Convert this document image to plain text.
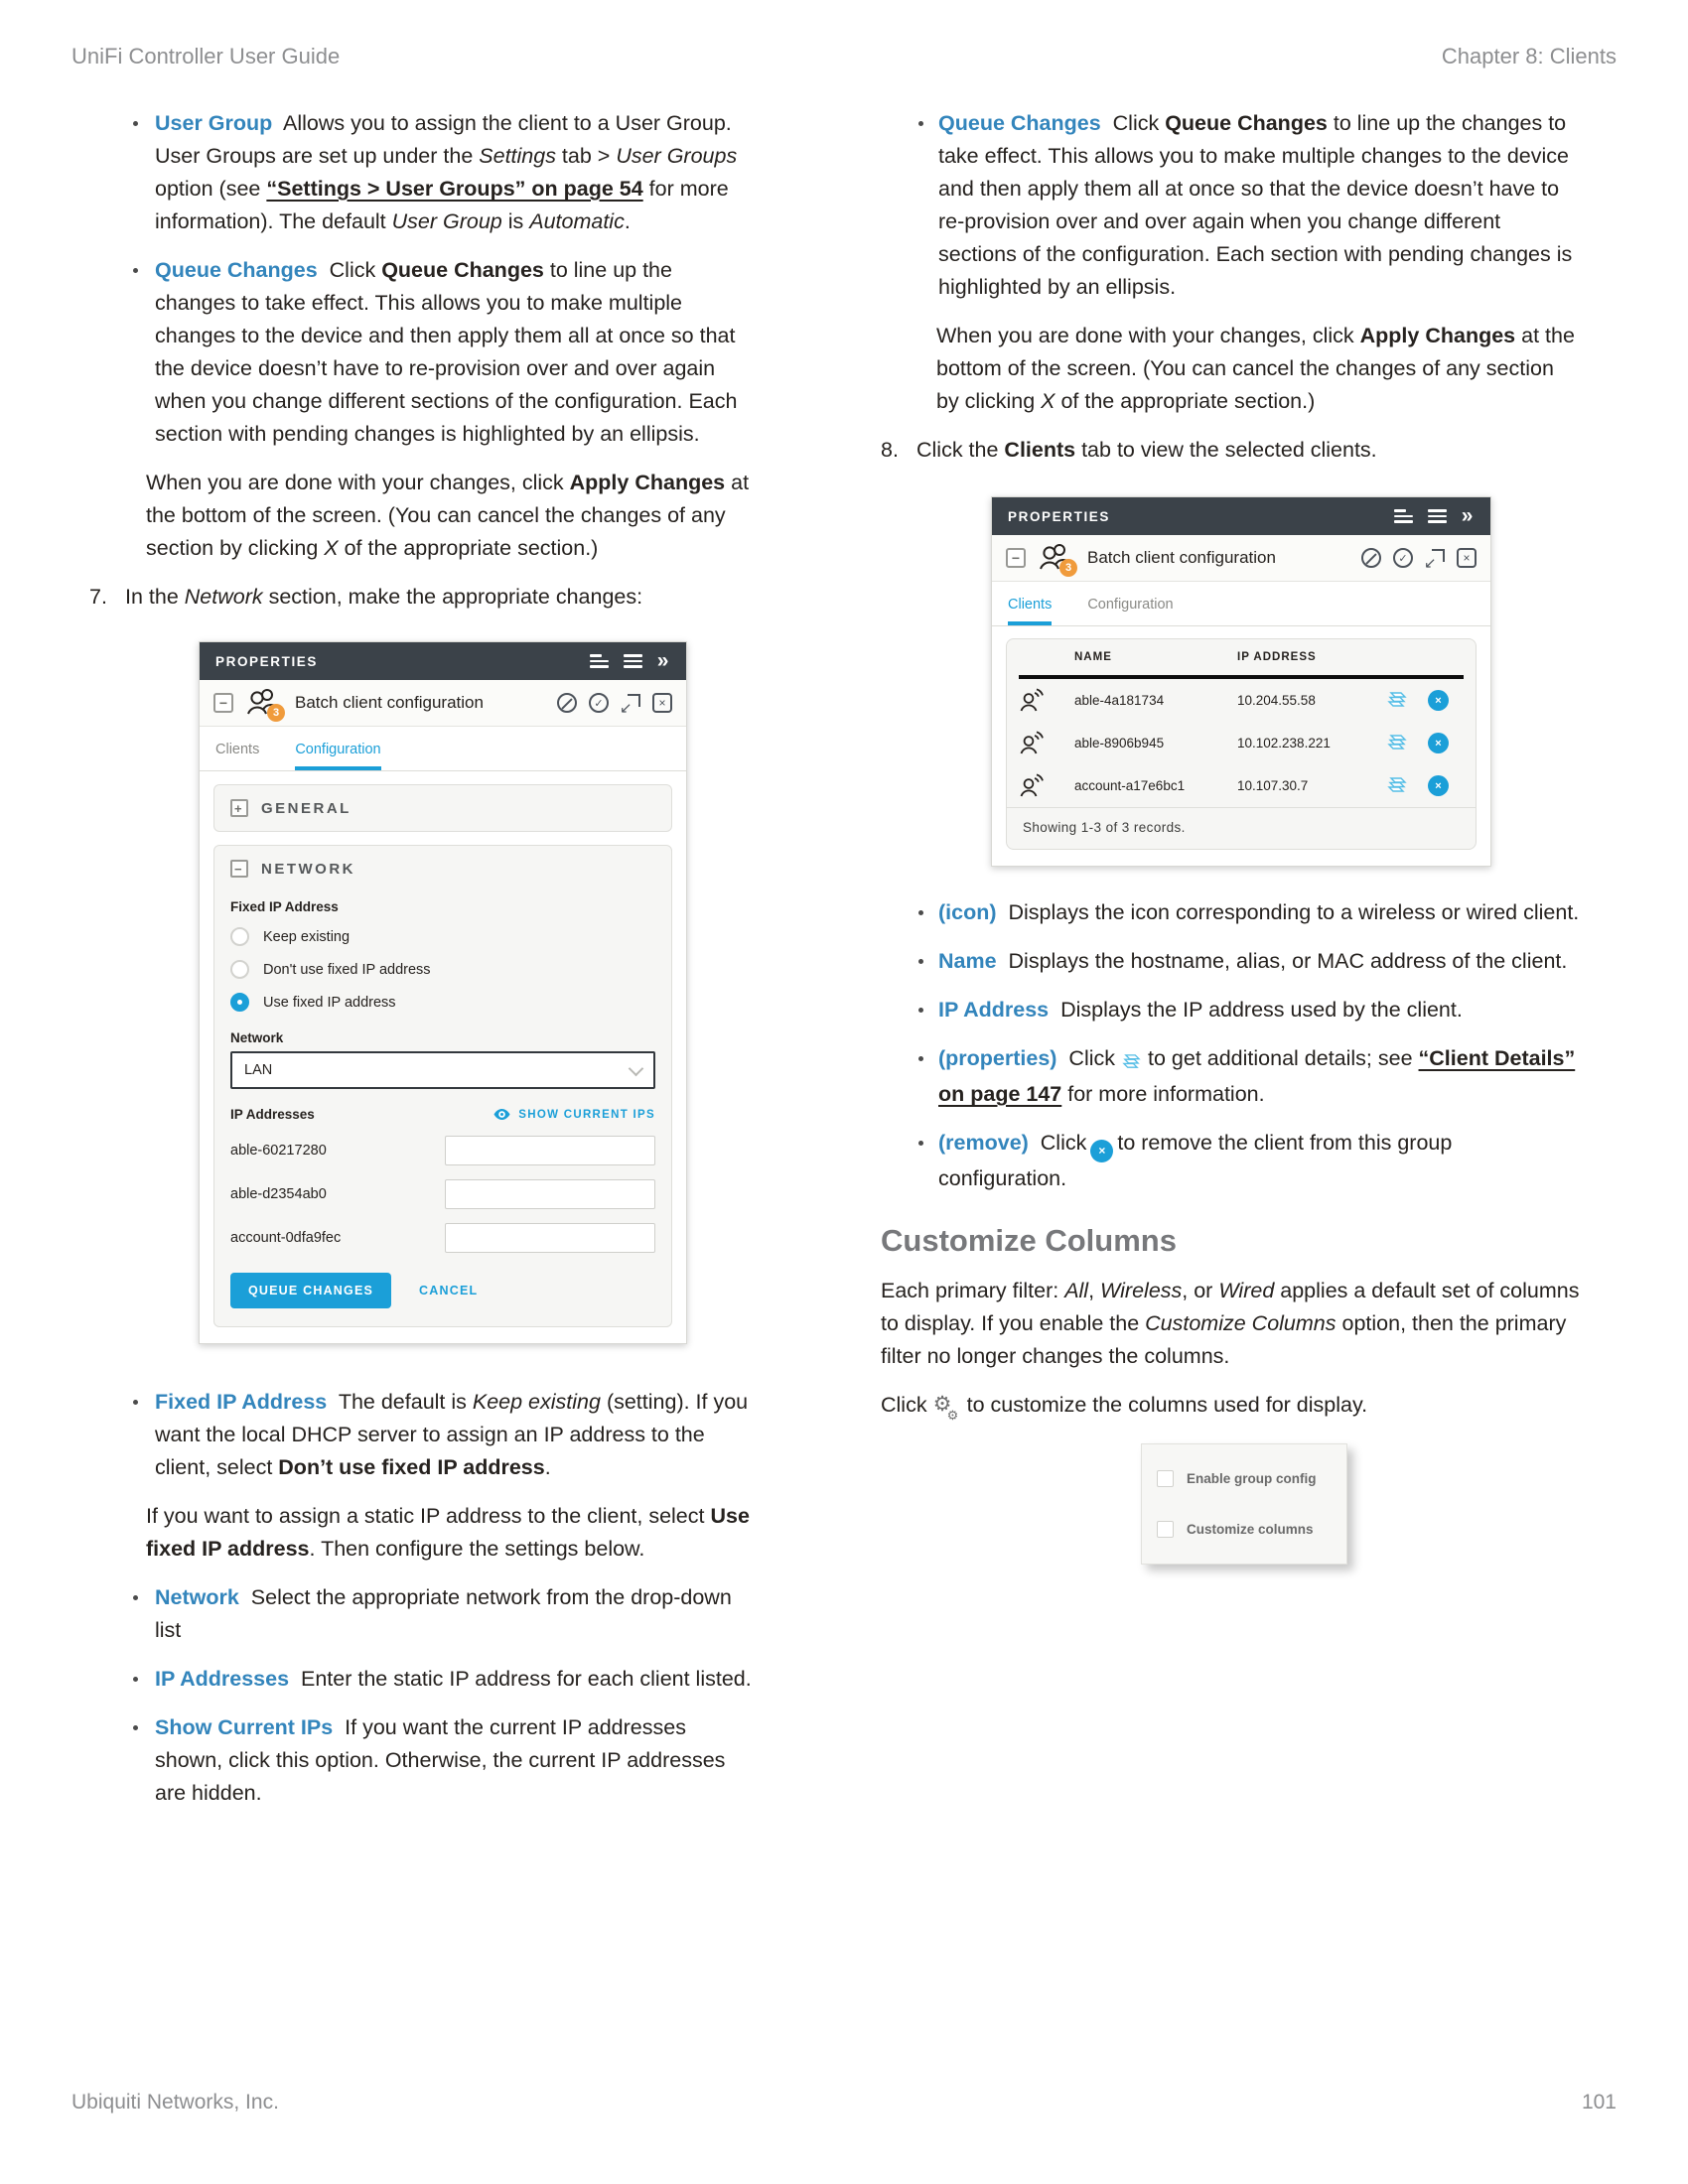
UniFi Controller User Guide	Chapter 8: Clients
User Group  Allows you to assign the client to a User Group. User Groups are set up under the Settings tab > User Groups option (see “Settings > User Groups” on page 54 for more information). The default User Group is Automatic.
Queue Changes  Click Queue Changes to line up the changes to take effect. This allows you to make multiple changes to the device and then apply them all at once so that the device doesn’t have to re-provision over and over again when you change different sections of the configuration. Each section with pending changes is highlighted by an ellipsis.
When you are done with your changes, click Apply Changes at the bottom of the screen. (You can cancel the changes of any section by clicking X of the appropriate section.)
7. In the Network section, make the appropriate changes:
PROPERTIES	»
−
3
Batch client configuration	✓	↙	×
Clients Configuration
+ GENERAL
− NETWORK
Fixed IP Address
Keep existing
Don't use fixed IP address
Use fixed IP address
Network
LAN
IP Addresses	SHOW CURRENT IPS
able-60217280
able-d2354ab0
account-0dfa9fec
QUEUE CHANGES	CANCEL
Fixed IP Address  The default is Keep existing (setting). If you want the local DHCP server to assign an IP address to the client, select Don’t use fixed IP address.
If you want to assign a static IP address to the client, select Use fixed IP address. Then configure the settings below.
Network  Select the appropriate network from the drop-down list
IP Addresses  Enter the static IP address for each client listed.
Show Current IPs  If you want the current IP addresses shown, click this option. Otherwise, the current IP addresses are hidden.
Queue Changes  Click Queue Changes to line up the changes to take effect. This allows you to make multiple changes to the device and then apply them all at once so that the device doesn’t have to re-provision over and over again when you change different sections of the configuration. Each section with pending changes is highlighted by an ellipsis.
When you are done with your changes, click Apply Changes at the bottom of the screen. (You can cancel the changes of any section by clicking X of the appropriate section.)
8. Click the Clients tab to view the selected clients.
PROPERTIES	»
−
3
Batch client configuration	✓	↙	×
Clients Configuration
NAME	IP ADDRESS
able-4a181734	10.204.55.58	×
able-8906b945	10.102.238.221	×
account-a17e6bc1	10.107.30.7	×
Showing 1-3 of 3 records.
(icon)  Displays the icon corresponding to a wireless or wired client.
Name  Displays the hostname, alias, or MAC address of the client.
IP Address  Displays the IP address used by the client.
(properties)  Click to get additional details; see “Client Details” on page 147 for more information.
(remove)  Click × to remove the client from this group configuration.
Customize Columns
Each primary filter: All, Wireless, or Wired applies a default set of columns to display. If you enable the Customize Columns option, then the primary filter no longer changes the columns.
Click ⚙
⚙ to customize the columns used for display.
Enable group config
Customize columns
Ubiquiti Networks, Inc.	101
